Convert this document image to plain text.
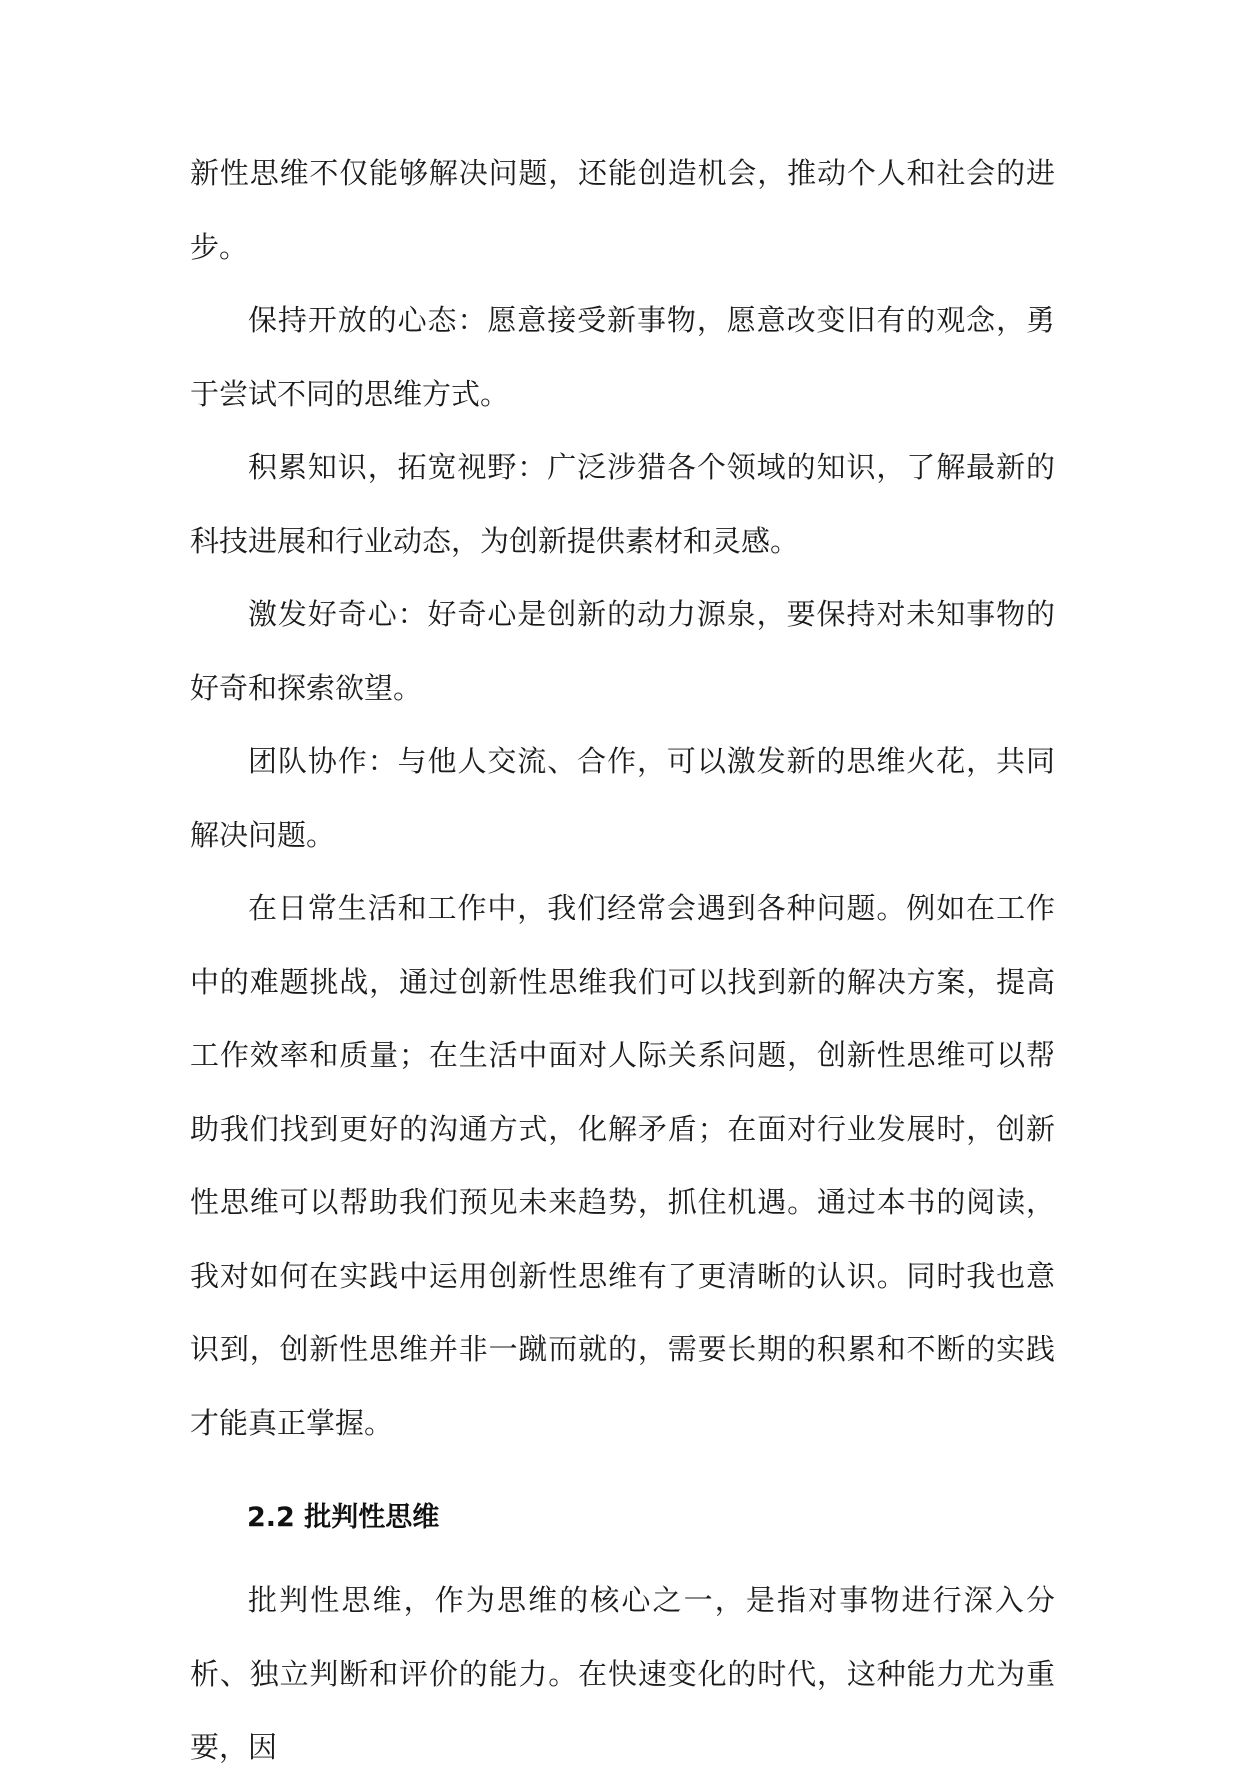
新性思维不仅能够解决问题，还能创造机会，推动个人和社会的进步。

保持开放的心态：愿意接受新事物，愿意改变旧有的观念，勇于尝试不同的思维方式。

积累知识，拓宽视野：广泛涉猎各个领域的知识，了解最新的科技进展和行业动态，为创新提供素材和灵感。

激发好奇心：好奇心是创新的动力源泉，要保持对未知事物的好奇和探索欲望。

团队协作：与他人交流、合作，可以激发新的思维火花，共同解决问题。

在日常生活和工作中，我们经常会遇到各种问题。例如在工作中的难题挑战，通过创新性思维我们可以找到新的解决方案，提高工作效率和质量；在生活中面对人际关系问题，创新性思维可以帮助我们找到更好的沟通方式，化解矛盾；在面对行业发展时，创新性思维可以帮助我们预见未来趋势，抓住机遇。通过本书的阅读，我对如何在实践中运用创新性思维有了更清晰的认识。同时我也意识到，创新性思维并非一蹴而就的，需要长期的积累和不断的实践才能真正掌握。

2.2 批判性思维

批判性思维，作为思维的核心之一，是指对事物进行深入分析、独立判断和评价的能力。在快速变化的时代，这种能力尤为重要，因
